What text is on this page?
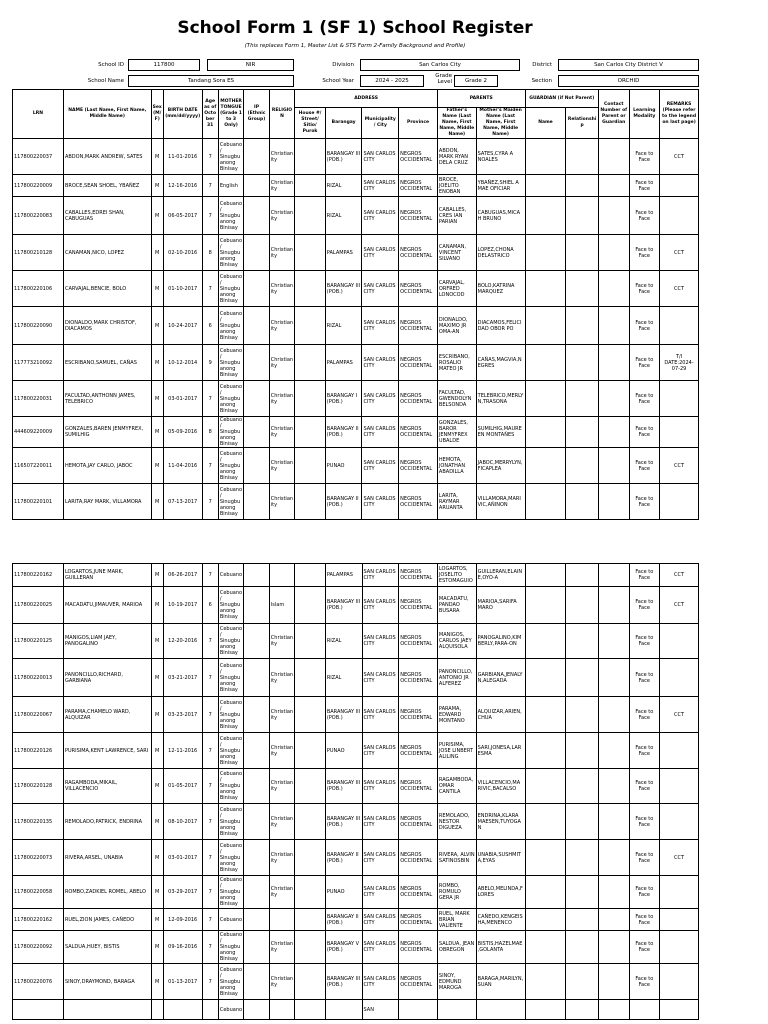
School Form 1 (SF 1) School Register
(This replaces Form 1, Master List & STS Form 2-Family Background and Profile)
School ID	117800	NIR	Division	San Carlos City	District	San Carlos City District V
School Name	Tandang Sora ES	School Year	2024 - 2025
Grade Level	Grade 2	Section	ORCHID
LRN	NAME (Last Name, First Name, Middle Name)	Sex (M/F)	BIRTH DATE (mm/dd/yyyy)	Age as of October 31	MOTHER TONGUE (Grade 1 to 3 Only)	IP (Ethnic Group)	RELIGION	ADDRESS				PARENTS		GUARDIAN (if Not Parent)		Contact Number of Parent or Guardian	Learning Modality	REMARKS
(Please refer to the legend on last page)
								House #/ Street/ Sitio/ Purok	Barangay	Municipality / City	Province	Father's Name (Last Name, First Name, Middle Name)	Mother's Maiden Name (Last Name, First Name, Middle Name)	Name	Relationship			
117800220037	ABDON,MARK ANDREW, SATES	M	11-01-2016	7	Cebuano / Sinugbuanong Binisay		Christianity		BARANGAY III (POB.)	SAN CARLOS CITY	NEGROS OCCIDENTAL	ABDON, MARK RYAN DELA CRUZ	SATES,CYRA A NOALES				Face to Face	CCT
117800220009	BROCE,SEAN SHOEL, YBAÑEZ	M	12-16-2016	7	English		Christianity		RIZAL	SAN CARLOS CITY	NEGROS OCCIDENTAL	BROCE, JOELITO ENOBAN	YBAÑEZ,SHIEL A MAE OFICIAR				Face to Face	
117800220083	CABALLES,EDREI SHAN, CABUGUAS	M	06-05-2017	7	Cebuano / Sinugbuanong Binisay		Christianity		RIZAL	SAN CARLOS CITY	NEGROS OCCIDENTAL	CABALLES, CRES IAN PARIAN	CABUGUAS,MICAH BRUNO				Face to Face	
117800210128	CANAMAN,NICO, LOPEZ	M	02-10-2016	8	Cebuano / Sinugbuanong Binisay		Christianity		PALAMPAS	SAN CARLOS CITY	NEGROS OCCIDENTAL	CANAMAN, VINCENT SILVANO	LOPEZ,CHONA DELASTRICO				Face to Face	CCT
117800220106	CARVAJAL,BENCIE, BOLO	M	01-10-2017	7	Cebuano / Sinugbuanong Binisay		Christianity		BARANGAY III (POB.)	SAN CARLOS CITY	NEGROS OCCIDENTAL	CARVAJAL, ORFRED LONOCOD	BOLO,KATRINA MARQUEZ				Face to Face	CCT
117800220090	DIONALDO,MARK CHRISTOF, DIACAMOS	M	10-24-2017	6	Cebuano / Sinugbuanong Binisay		Christianity		RIZAL	SAN CARLOS CITY	NEGROS OCCIDENTAL	DIONALDO, MAXIMO JR OMA-AN	DIACAMOS,FELICIDAD OBOR PO				Face to Face	
117773210092	ESCRIBANO,SAMUEL, CAÑAS	M	10-12-2014	9	Cebuano / Sinugbuanong Binisay		Christianity		PALAMPAS	SAN CARLOS CITY	NEGROS OCCIDENTAL	ESCRIBANO, ROSALIO MATEO JR	CAÑAS,MAGVIA,NEGRES				Face to Face	T/I DATE:2024-07-29
117800220031	FACULTAD,ANTHONN JAMES, TELEBRICO	M	03-01-2017	7	Cebuano / Sinugbuanong Binisay		Christianity		BARANGAY I (POB.)	SAN CARLOS CITY	NEGROS OCCIDENTAL	FACULTAD, GWENDOLYN BELSONDA	TELEBRICO,MERLYN,TRASONA				Face to Face	
444609220009	GONZALES,BAREN JENMYFREX, SUMILHIG	M	05-09-2016	8	Cebuano / Sinugbuanong Binisay		Christianity		BARANGAY II (POB.)	SAN CARLOS CITY	NEGROS OCCIDENTAL	GONZALES, BAROR JENMYFREX UBALDE	SUMILHIG,MAUREEN MONTAÑES				Face to Face	
116507220011	HEMOTA,JAY CARLO, JABOC	M	11-04-2016	7	Cebuano / Sinugbuanong Binisay		Christianity		PUNAO	SAN CARLOS CITY	NEGROS OCCIDENTAL	HEMOTA, JONATHAN ABADILLA	JABOC,MERRYLYN,FICAPLEA				Face to Face	CCT
117800220101	LARITA,RAY MARK, VILLAMORA	M	07-13-2017	7	Cebuano / Sinugbuanong Binisay		Christianity		BARANGAY II (POB.)	SAN CARLOS CITY	NEGROS OCCIDENTAL	LARITA, RAYMAR ARUANTA	VILLAMORA,MARIVIC,AÑINON				Face to Face	
117800220162	LOGARTOS,JUNE MARK, GUILLERAN	M	06-26-2017	7	Cebuano				PALAMPAS	SAN CARLOS CITY	NEGROS OCCIDENTAL	LOGARTOS, JOSELITO ESTOMAGUIO	GUILLERAN,ELAINE,OYO-A				Face to Face	CCT
117800220025	MACADATU,JIMAUVER, MARIOA	M	10-19-2017	6	Cebuano / Sinugbuanong Binisay		Islam		BARANGAY III (POB.)	SAN CARLOS CITY	NEGROS OCCIDENTAL	MACADATU, PANDAO BUSARA	MARIOA,SARIFA MARO				Face to Face	CCT
117800220125	MANIGOS,LIAM JAEY, PANOGALINO	M	12-20-2016	7	Cebuano / Sinugbuanong Binisay		Christianity		RIZAL	SAN CARLOS CITY	NEGROS OCCIDENTAL	MANIGOS, CARLOS JAEY ALQUISOLA	PANOGALINO,KIMBERLY,PARA-ON				Face to Face	
117800220013	PANONCILLO,RICHARD, GARBIANA	M	03-21-2017	7	Cebuano / Sinugbuanong Binisay		Christianity		RIZAL	SAN CARLOS CITY	NEGROS OCCIDENTAL	PANONCILLO, ANTONIO JR ALFEREZ	GARBIANA,JENALYN,ALEGADA				Face to Face	
117800220067	PARAMA,CHAMELO WARD, ALQUIZAR	M	03-23-2017	7	Cebuano / Sinugbuanong Binisay		Christianity		BARANGAY III (POB.)	SAN CARLOS CITY	NEGROS OCCIDENTAL	PARAMA, EDWARD MONTANO	ALQUIZAR,ARIEN,CHUA				Face to Face	CCT
117800220126	PURISIMA,KENT LAWRENCE, SARI	M	12-11-2016	7	Cebuano / Sinugbuanong Binisay		Christianity		PUNAO	SAN CARLOS CITY	NEGROS OCCIDENTAL	PURISIMA, JOSE LINBERT ALILING	SARI,JONESA,LARESMA				Face to Face	
117800220128	RAGAMBODA,MIKAIL, VILLACENCIO	M	01-05-2017	7	Cebuano / Sinugbuanong Binisay		Christianity		BARANGAY III (POB.)	SAN CARLOS CITY	NEGROS OCCIDENTAL	RAGAMBODA, OMAR CANTILA	VILLACENCIO,MARIVIC,BACALSO				Face to Face	
117800220135	REMOLADO,PATRICK, ENDRINA	M	08-10-2017	7	Cebuano / Sinugbuanong Binisay		Christianity		BARANGAY III (POB.)	SAN CARLOS CITY	NEGROS OCCIDENTAL	REMOLADO, NESTOR DIGUEZA	ENDRINA,KLARA MAESEN,TUYOGAN				Face to Face	
117800220073	RIVERA,ARSEL, UNABIA	M	03-01-2017	7	Cebuano / Sinugbuanong Binisay		Christianity		BARANGAY II (POB.)	SAN CARLOS CITY	NEGROS OCCIDENTAL	RIVERA, ALVIN SATINOSBIN	UNABIA,SUSHMITA,EYAS				Face to Face	CCT
117800220058	ROMBO,ZADKIEL ROMEL, ABELO	M	03-29-2017	7	Cebuano / Sinugbuanong Binisay		Christianity		PUNAO	SAN CARLOS CITY	NEGROS OCCIDENTAL	ROMBO, ROMULO GERA JR	ABELO,MELINDA,FLORES				Face to Face	
117800220162	RUEL,ZION JAMES, CAÑEDO	M	12-09-2016	7	Cebuano				BARANGAY II (POB.)	SAN CARLOS CITY	NEGROS OCCIDENTAL	RUEL, MARK BRIAN VALIENTE	CAÑEDO,KENGEISHA,MENENCO				Face to Face	
117800220092	SALDUA,HUEY, BISTIS	M	09-16-2016	7	Cebuano / Sinugbuanong Binisay		Christianity		BARANGAY V (POB.)	SAN CARLOS CITY	NEGROS OCCIDENTAL	SALDUA, JEAN OBREGON	BISTIS,HAZELMAE,GOLANTA				Face to Face	
117800220076	SINOY,DRAYMOND, BARAGA	M	01-13-2017	7	Cebuano / Sinugbuanong Binisay		Christianity		BARANGAY III (POB.)	SAN CARLOS CITY	NEGROS OCCIDENTAL	SINOY, EDMUND MAROGA	BARAGA,MARILYN,SUAN				Face to Face	
					Cebuano					SAN								
